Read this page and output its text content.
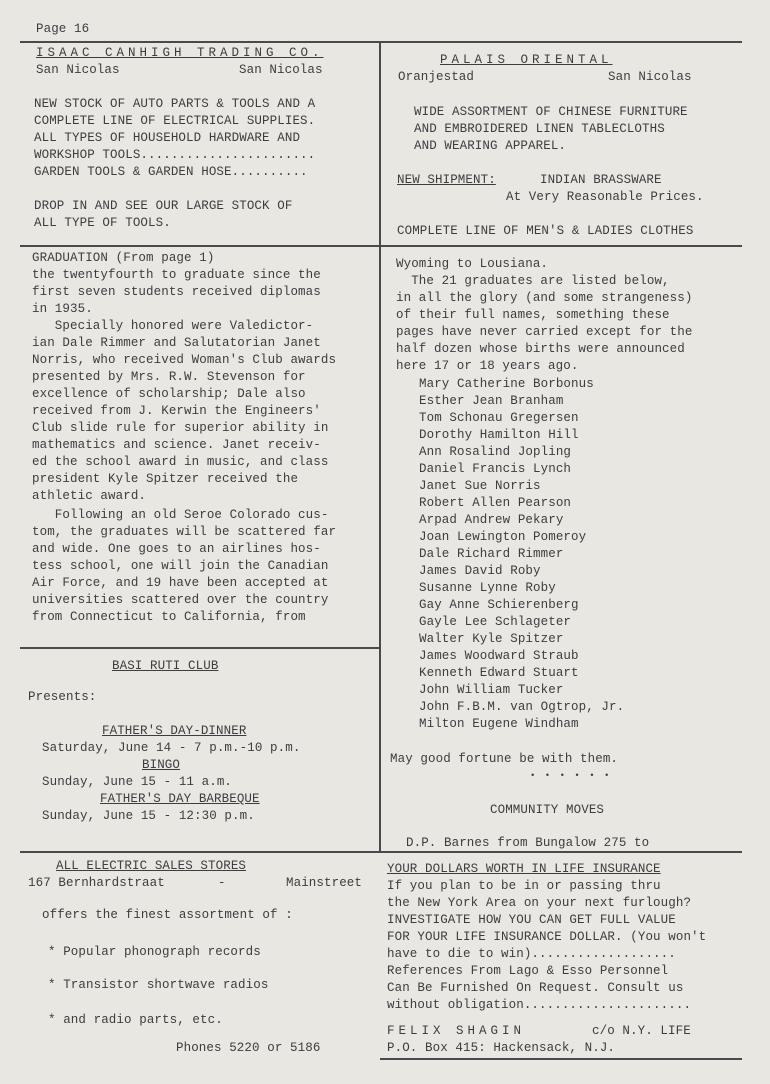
Page 16
ISAAC CANHIGH TRADING CO.
San Nicolas	San Nicolas
NEW STOCK OF AUTO PARTS & TOOLS AND A
COMPLETE LINE OF ELECTRICAL SUPPLIES.
ALL TYPES OF HOUSEHOLD HARDWARE AND
WORKSHOP TOOLS.......................
GARDEN TOOLS & GARDEN HOSE..........
DROP IN AND SEE OUR LARGE STOCK OF
ALL TYPE OF TOOLS.
PALAIS ORIENTAL
Oranjestad	San Nicolas
WIDE ASSORTMENT OF CHINESE FURNITURE
AND EMBROIDERED LINEN TABLECLOTHS
AND WEARING APPAREL.
NEW SHIPMENT:	INDIAN BRASSWARE
At Very Reasonable Prices.
COMPLETE LINE OF MEN'S & LADIES CLOTHES
GRADUATION (From page 1)
the twentyfourth to graduate since the
first seven students received diplomas
in 1935.
Specially honored were Valedictor-
ian Dale Rimmer and Salutatorian Janet
Norris, who received Woman's Club awards
presented by Mrs. R.W. Stevenson for
excellence of scholarship; Dale also
received from J. Kerwin the Engineers'
Club slide rule for superior ability in
mathematics and science. Janet receiv-
ed the school award in music, and class
president Kyle Spitzer received the
athletic award.
Following an old Seroe Colorado cus-
tom, the graduates will be scattered far
and wide. One goes to an airlines hos-
tess school, one will join the Canadian
Air Force, and 19 have been accepted at
universities scattered over the country
from Connecticut to California, from
Wyoming to Lousiana.
The 21 graduates are listed below,
in all the glory (and some strangeness)
of their full names, something these
pages have never carried except for the
half dozen whose births were announced
here 17 or 18 years ago.
Mary Catherine Borbonus
Esther Jean Branham
Tom Schonau Gregersen
Dorothy Hamilton Hill
Ann Rosalind Jopling
Daniel Francis Lynch
Janet Sue Norris
Robert Allen Pearson
Arpad Andrew Pekary
Joan Lewington Pomeroy
Dale Richard Rimmer
James David Roby
Susanne Lynne Roby
Gay Anne Schierenberg
Gayle Lee Schlageter
Walter Kyle Spitzer
James Woodward Straub
Kenneth Edward Stuart
John William Tucker
John F.B.M. van Ogtrop, Jr.
Milton Eugene Windham
May good fortune be with them.
• • • • • •
COMMUNITY MOVES
D.P. Barnes from Bungalow 275 to
BASI RUTI CLUB
Presents:
FATHER'S DAY-DINNER
Saturday, June 14 - 7 p.m.-10 p.m.
BINGO
Sunday, June 15 - 11 a.m.
FATHER'S DAY BARBEQUE
Sunday, June 15 - 12:30 p.m.
ALL ELECTRIC SALES STORES
167 Bernhardstraat	-	Mainstreet
offers the finest assortment of :
* Popular phonograph records
* Transistor shortwave radios
* and radio parts, etc.
Phones 5220 or 5186
YOUR DOLLARS WORTH IN LIFE INSURANCE
If you plan to be in or passing thru
the New York Area on your next furlough?
INVESTIGATE HOW YOU CAN GET FULL VALUE
FOR YOUR LIFE INSURANCE DOLLAR. (You won't
have to die to win)...................
References From Lago & Esso Personnel
Can Be Furnished On Request. Consult us
without obligation......................
FELIX SHAGIN	c/o N.Y. LIFE
P.O. Box 415: Hackensack, N.J.
